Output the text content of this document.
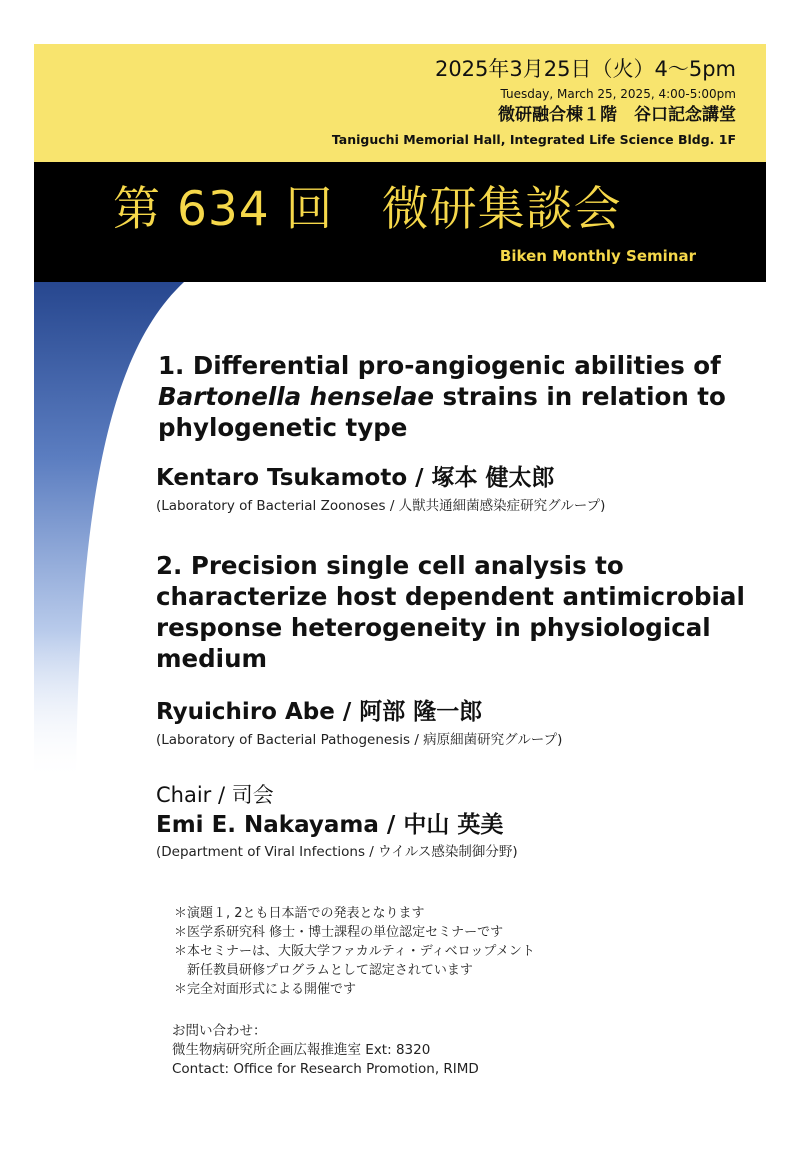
2025年3月25日（火）4～5pm
Tuesday, March 25, 2025, 4:00-5:00pm
微研融合棟１階　谷口記念講堂
Taniguchi Memorial Hall, Integrated Life Science Bldg. 1F
第 634 回　微研集談会
Biken Monthly Seminar
1. Differential pro-angiogenic abilities of
Bartonella henselae strains in relation to
phylogenetic type
Kentaro Tsukamoto / 塚本 健太郎
(Laboratory of Bacterial Zoonoses / 人獣共通細菌感染症研究グループ)
2. Precision single cell analysis to
characterize host dependent antimicrobial
response heterogeneity in physiological
medium
Ryuichiro Abe / 阿部 隆一郎
(Laboratory of Bacterial Pathogenesis / 病原細菌研究グループ)
Chair / 司会
Emi E. Nakayama / 中山 英美
(Department of Viral Infections / ウイルス感染制御分野)
＊演題１, 2とも日本語での発表となります
＊医学系研究科 修士・博士課程の単位認定セミナーです
＊本セミナーは、大阪大学ファカルティ・ディベロップメント
　新任教員研修プログラムとして認定されています
＊完全対面形式による開催です
お問い合わせ：
微生物病研究所企画広報推進室 Ext: 8320
Contact: Office for Research Promotion, RIMD
